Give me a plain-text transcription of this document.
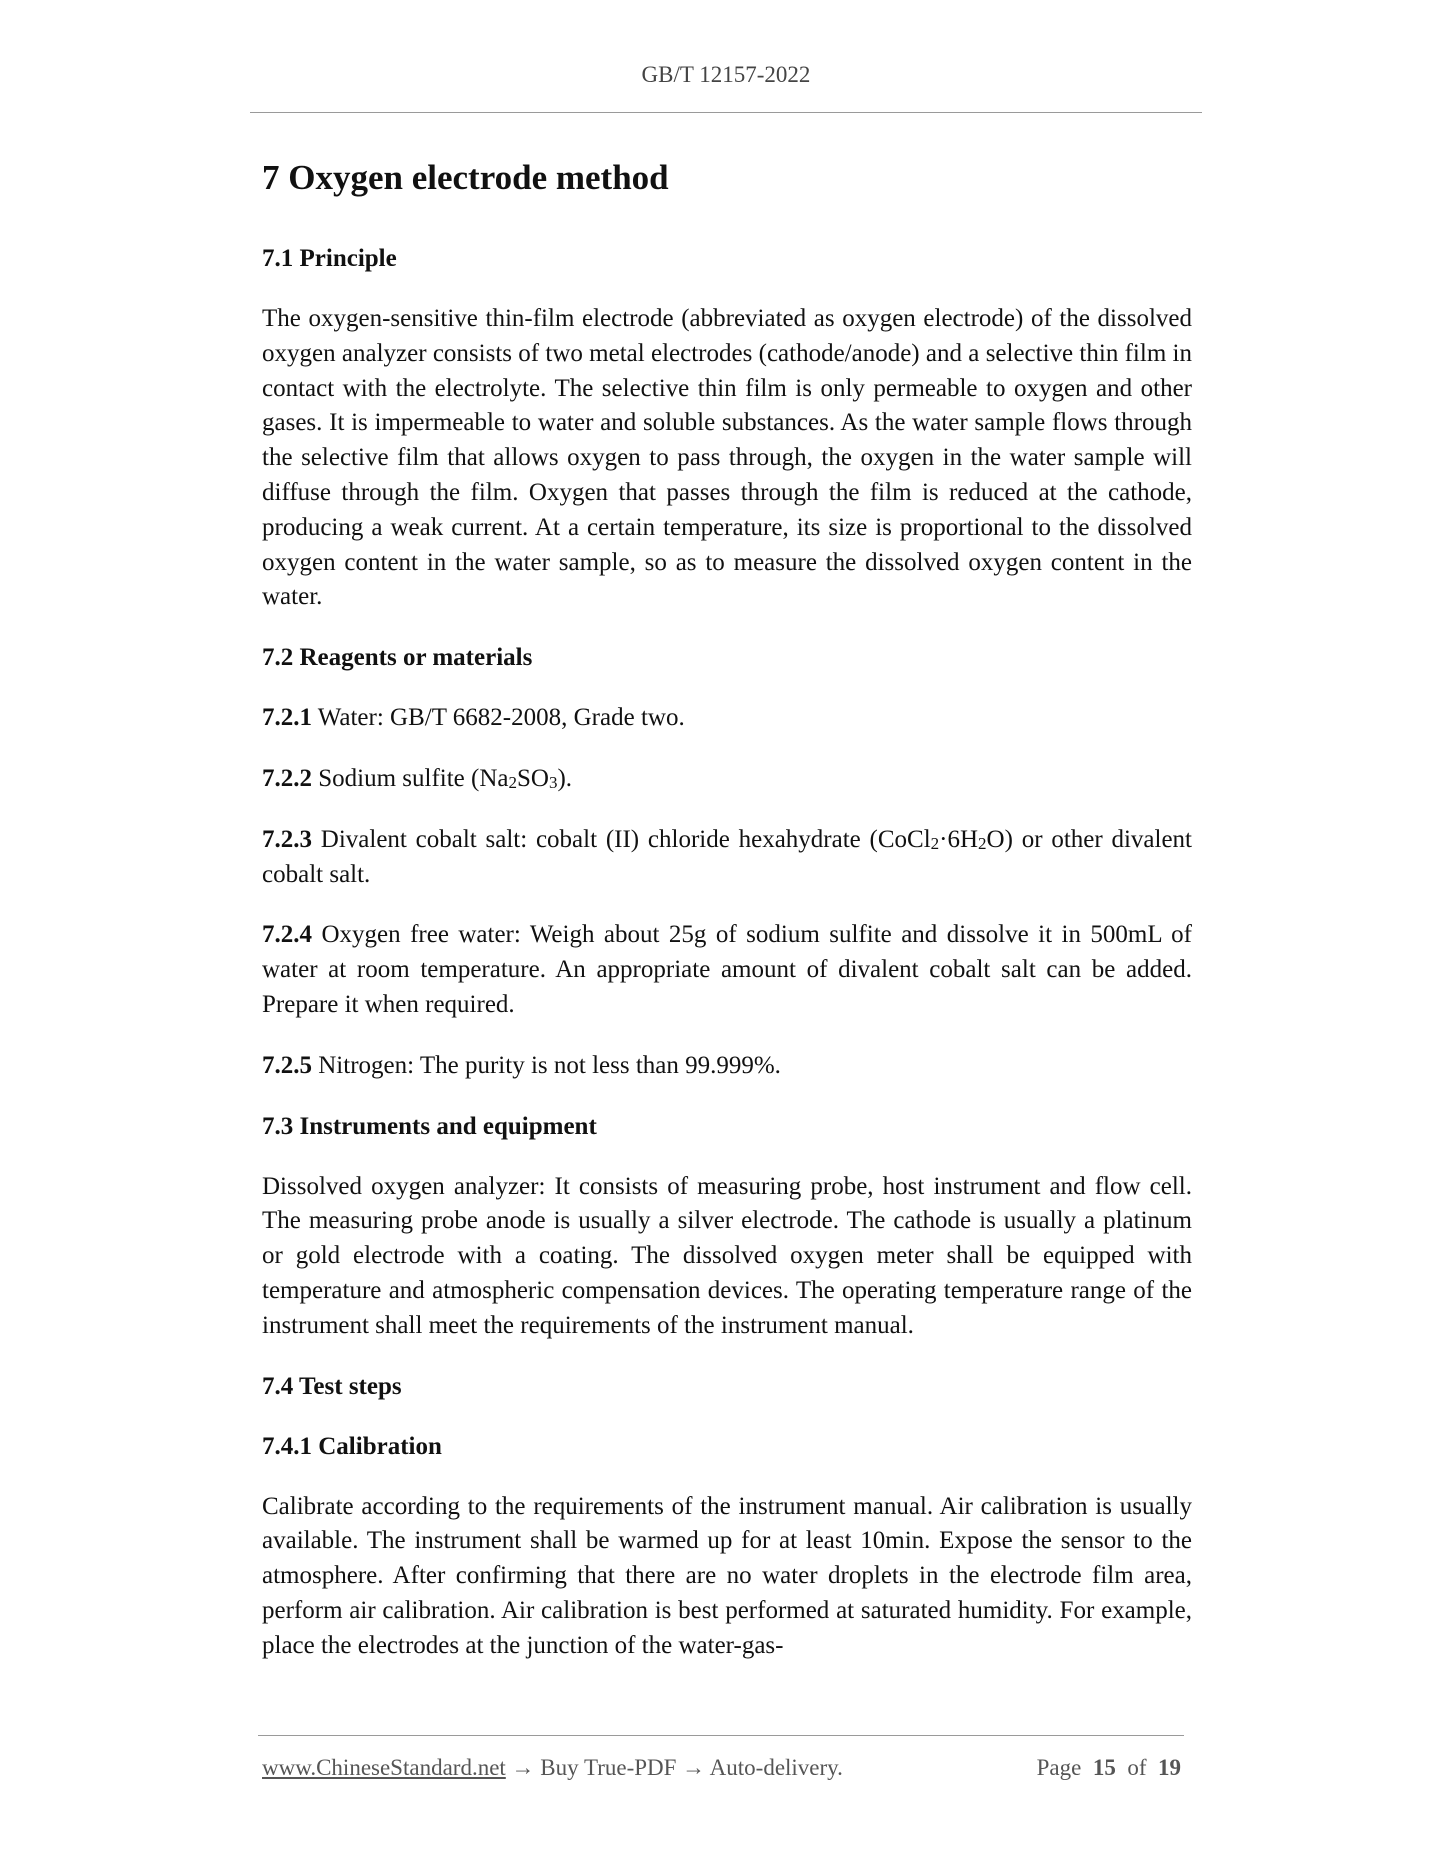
GB/T 12157-2022
7 Oxygen electrode method
7.1 Principle

The oxygen-sensitive thin-film electrode (abbreviated as oxygen electrode) of the dissolved oxygen analyzer consists of two metal electrodes (cathode/anode) and a selective thin film in contact with the electrolyte. The selective thin film is only permeable to oxygen and other gases. It is impermeable to water and soluble substances. As the water sample flows through the selective film that allows oxygen to pass through, the oxygen in the water sample will diffuse through the film. Oxygen that passes through the film is reduced at the cathode, producing a weak current. At a certain temperature, its size is proportional to the dissolved oxygen content in the water sample, so as to measure the dissolved oxygen content in the water.

7.2 Reagents or materials

7.2.1 Water: GB/T 6682-2008, Grade two.

7.2.2 Sodium sulfite $(Na_2SO_3)$.

7.2.3 Divalent cobalt salt: cobalt (II) chloride hexahydrate $(CoCl_2\cdot 6H_2O)$ or other divalent cobalt salt.

7.2.4 Oxygen free water: Weigh about 25g of sodium sulfite and dissolve it in 500mL of water at room temperature. An appropriate amount of divalent cobalt salt can be added. Prepare it when required.

7.2.5 Nitrogen: The purity is not less than 99.999%.

7.3 Instruments and equipment

Dissolved oxygen analyzer: It consists of measuring probe, host instrument and flow cell. The measuring probe anode is usually a silver electrode. The cathode is usually a platinum or gold electrode with a coating. The dissolved oxygen meter shall be equipped with temperature and atmospheric compensation devices. The operating temperature range of the instrument shall meet the requirements of the instrument manual.

7.4 Test steps
7.4.1 Calibration

Calibrate according to the requirements of the instrument manual. Air calibration is usually available. The instrument shall be warmed up for at least 10min. Expose the sensor to the atmosphere. After confirming that there are no water droplets in the electrode film area, perform air calibration. Air calibration is best performed at saturated humidity. For example, place the electrodes at the junction of the water-gas-

www.ChineseStandard.net → Buy True-PDF → Auto-delivery.	Page 15 of 19
